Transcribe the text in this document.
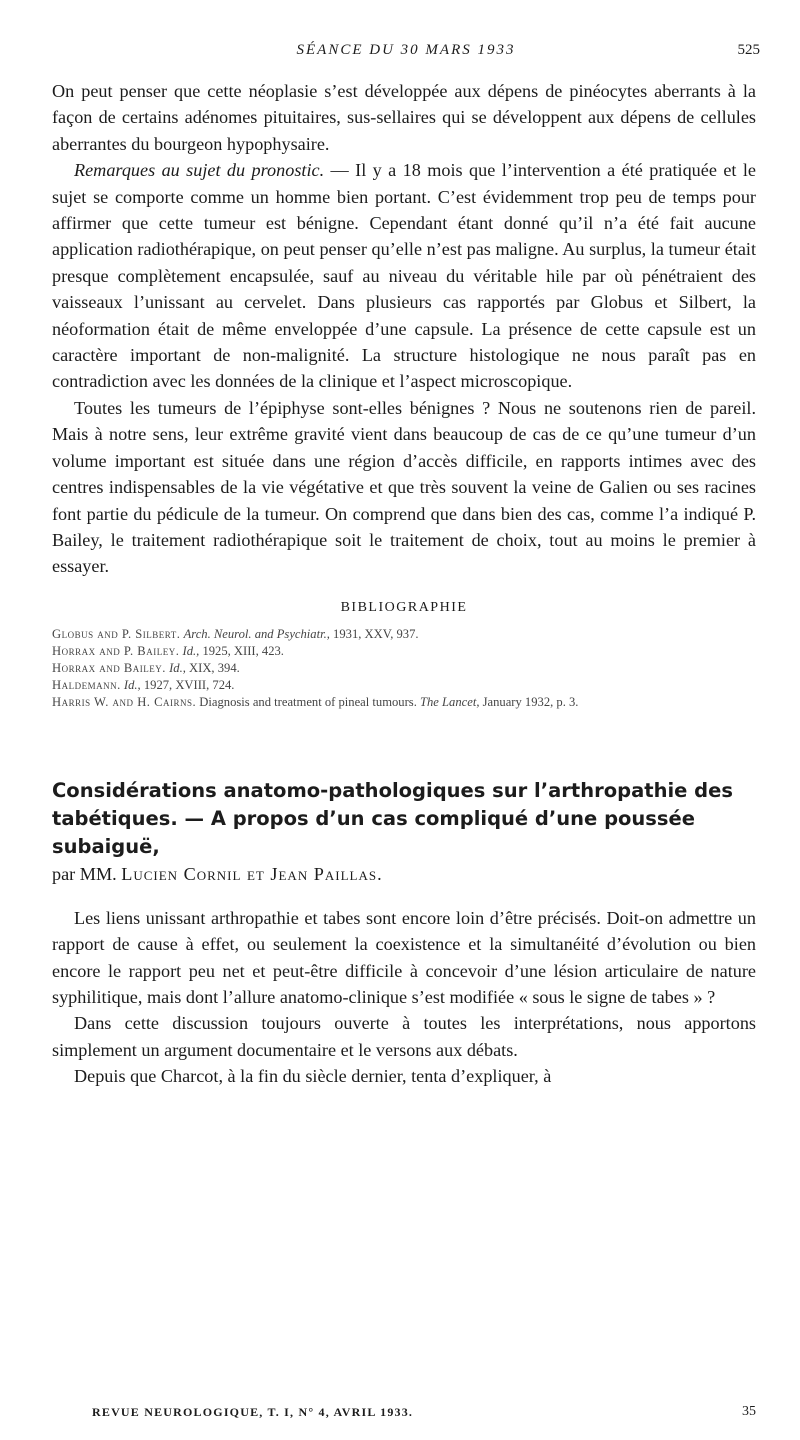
SÉANCE DU 30 MARS 1933	525

On peut penser que cette néoplasie s’est développée aux dépens de pinéocytes aberrants à la façon de certains adénomes pituitaires, sus-sellaires qui se développent aux dépens de cellules aberrantes du bourgeon hypophysaire.

Remarques au sujet du pronostic. — Il y a 18 mois que l’intervention a été pratiquée et le sujet se comporte comme un homme bien portant. C’est évidemment trop peu de temps pour affirmer que cette tumeur est bénigne. Cependant étant donné qu’il n’a été fait aucune application radiothérapique, on peut penser qu’elle n’est pas maligne. Au surplus, la tumeur était presque complètement encapsulée, sauf au niveau du véritable hile par où pénétraient des vaisseaux l’unissant au cervelet. Dans plusieurs cas rapportés par Globus et Silbert, la néoformation était de même enveloppée d’une capsule. La présence de cette capsule est un caractère important de non-malignité. La structure histologique ne nous paraît pas en contradiction avec les données de la clinique et l’aspect microscopique.

Toutes les tumeurs de l’épiphyse sont-elles bénignes ? Nous ne soutenons rien de pareil. Mais à notre sens, leur extrême gravité vient dans beaucoup de cas de ce qu’une tumeur d’un volume important est située dans une région d’accès difficile, en rapports intimes avec des centres indispensables de la vie végétative et que très souvent la veine de Galien ou ses racines font partie du pédicule de la tumeur. On comprend que dans bien des cas, comme l’a indiqué P. Bailey, le traitement radiothérapique soit le traitement de choix, tout au moins le premier à essayer.

BIBLIOGRAPHIE
Globus and P. Silbert. Arch. Neurol. and Psychiatr., 1931, XXV, 937.
Horrax and P. Bailey. Id., 1925, XIII, 423.
Horrax and Bailey. Id., XIX, 394.
Haldemann. Id., 1927, XVIII, 724.
Harris W. and H. Cairns. Diagnosis and treatment of pineal tumours. The Lancet, January 1932, p. 3.
Considérations anatomo-pathologiques sur l’arthropathie des tabétiques. — A propos d’un cas compliqué d’une poussée subaiguë,
par MM. Lucien Cornil et Jean Paillas.

Les liens unissant arthropathie et tabes sont encore loin d’être précisés. Doit-on admettre un rapport de cause à effet, ou seulement la coexistence et la simultanéité d’évolution ou bien encore le rapport peu net et peut-être difficile à concevoir d’une lésion articulaire de nature syphilitique, mais dont l’allure anatomo-clinique s’est modifiée « sous le signe de tabes » ?

Dans cette discussion toujours ouverte à toutes les interprétations, nous apportons simplement un argument documentaire et le versons aux débats.

Depuis que Charcot, à la fin du siècle dernier, tenta d’expliquer, à

REVUE NEUROLOGIQUE, T. I, N° 4, AVRIL 1933.	35
